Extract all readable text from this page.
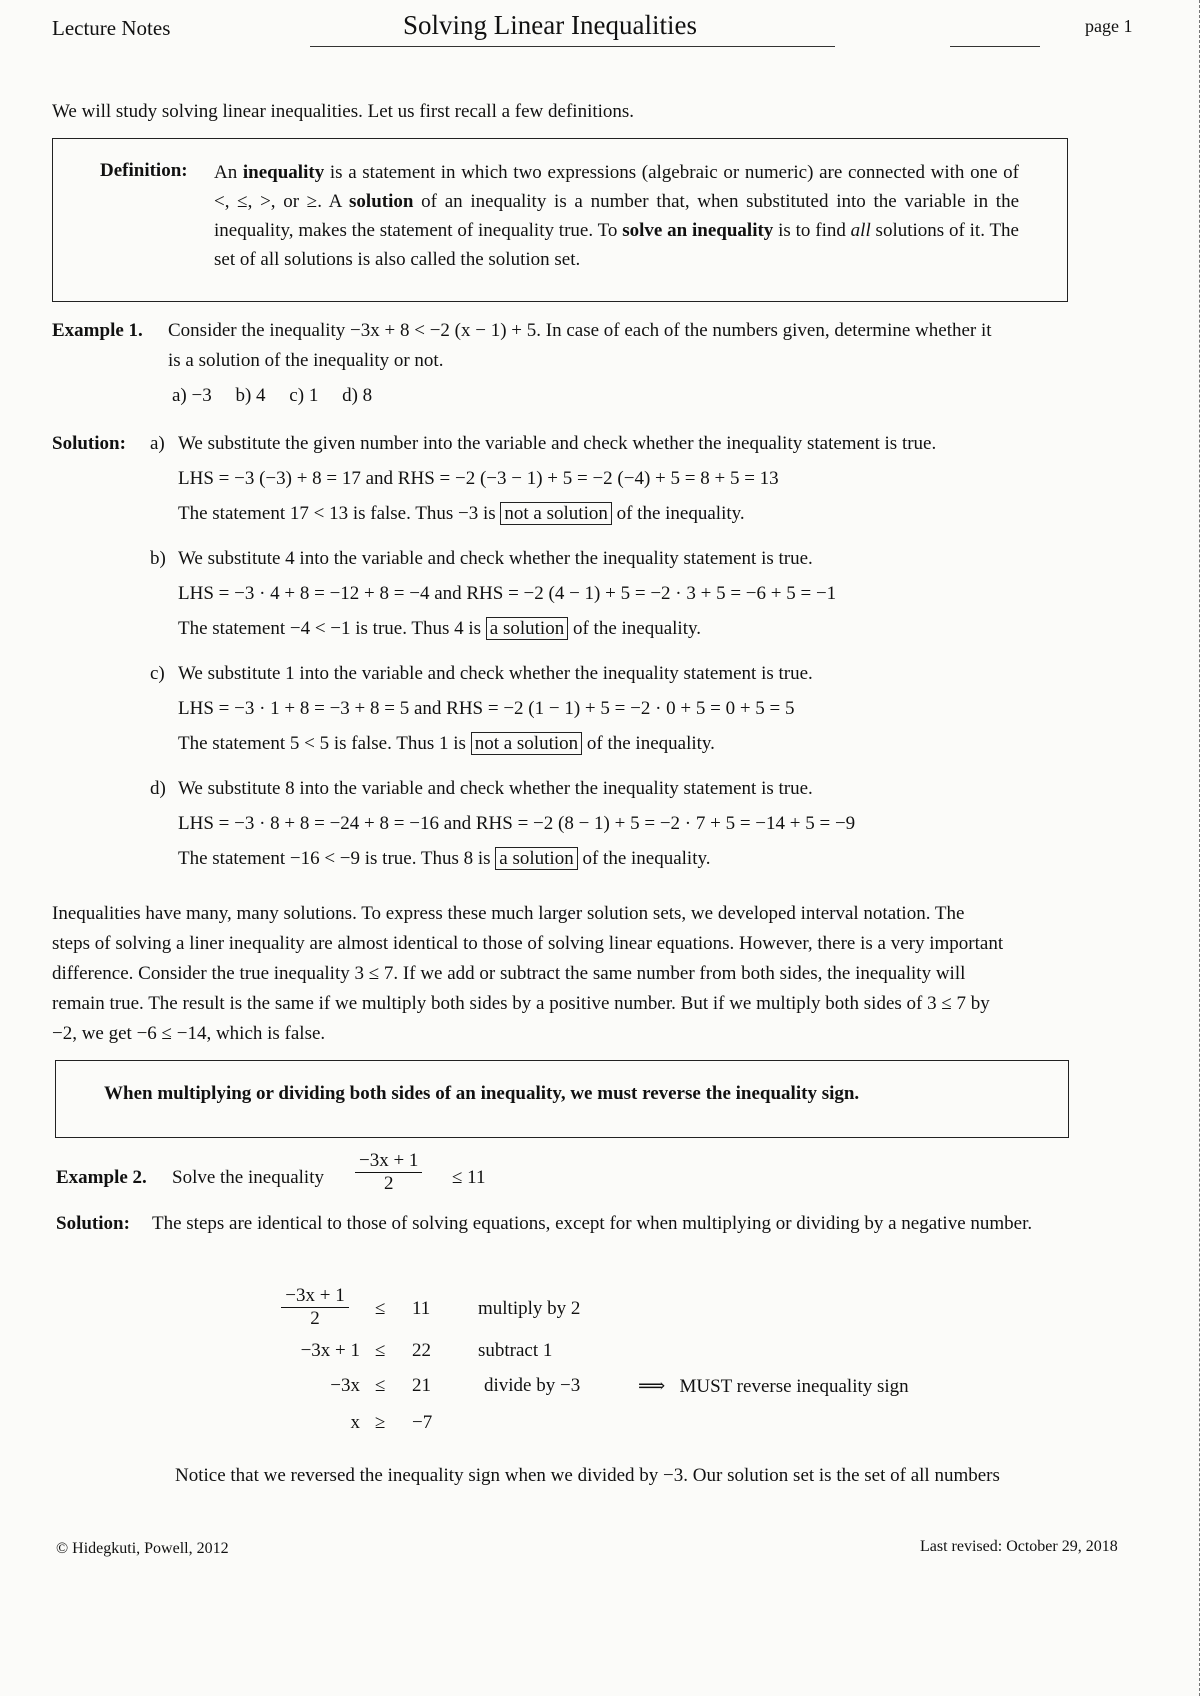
Lecture Notes	Solving Linear Inequalities	page 1
We will study solving linear inequalities. Let us first recall a few definitions.
Definition: An inequality is a statement in which two expressions (algebraic or numeric) are connected with one of <, ≤, >, or ≥. A solution of an inequality is a number that, when substituted into the variable in the inequality, makes the statement of inequality true. To solve an inequality is to find all solutions of it. The set of all solutions is also called the solution set.
Example 1. Consider the inequality −3x + 8 < −2 (x − 1) + 5. In case of each of the numbers given, determine whether it
is a solution of the inequality or not.
a) −3     b) 4     c) 1     d) 8
Solution: a) We substitute the given number into the variable and check whether the inequality statement is true.
LHS = −3 (−3) + 8 = 17 and RHS = −2 (−3 − 1) + 5 = −2 (−4) + 5 = 8 + 5 = 13
The statement 17 < 13 is false. Thus −3 is not a solution of the inequality.
b) We substitute 4 into the variable and check whether the inequality statement is true.
LHS = −3 · 4 + 8 = −12 + 8 = −4 and RHS = −2 (4 − 1) + 5 = −2 · 3 + 5 = −6 + 5 = −1
The statement −4 < −1 is true. Thus 4 is a solution of the inequality.
c) We substitute 1 into the variable and check whether the inequality statement is true.
LHS = −3 · 1 + 8 = −3 + 8 = 5 and RHS = −2 (1 − 1) + 5 = −2 · 0 + 5 = 0 + 5 = 5
The statement 5 < 5 is false. Thus 1 is not a solution of the inequality.
d) We substitute 8 into the variable and check whether the inequality statement is true.
LHS = −3 · 8 + 8 = −24 + 8 = −16 and RHS = −2 (8 − 1) + 5 = −2 · 7 + 5 = −14 + 5 = −9
The statement −16 < −9 is true. Thus 8 is a solution of the inequality.
Inequalities have many, many solutions. To express these much larger solution sets, we developed interval notation. The
steps of solving a liner inequality are almost identical to those of solving linear equations. However, there is a very important
difference. Consider the true inequality 3 ≤ 7. If we add or subtract the same number from both sides, the inequality will
remain true. The result is the same if we multiply both sides by a positive number. But if we multiply both sides of 3 ≤ 7 by
−2, we get −6 ≤ −14, which is false.
When multiplying or dividing both sides of an inequality, we must reverse the inequality sign.
Example 2. Solve the inequality $\frac{-3x + 1}{2} \le 11$
Solution: The steps are identical to those of solving equations, except for when multiplying or dividing by a negative number.
$\frac{-3x + 1}{2} \le 11$	multiply by 2
−3x + 1 ≤ 22 subtract 1
−3x ≤ 21	divide by −3	⟹   MUST reverse inequality sign
x ≥ −7
Notice that we reversed the inequality sign when we divided by −3. Our solution set is the set of all numbers
© Hidegkuti, Powell, 2012	Last revised: October 29, 2018
